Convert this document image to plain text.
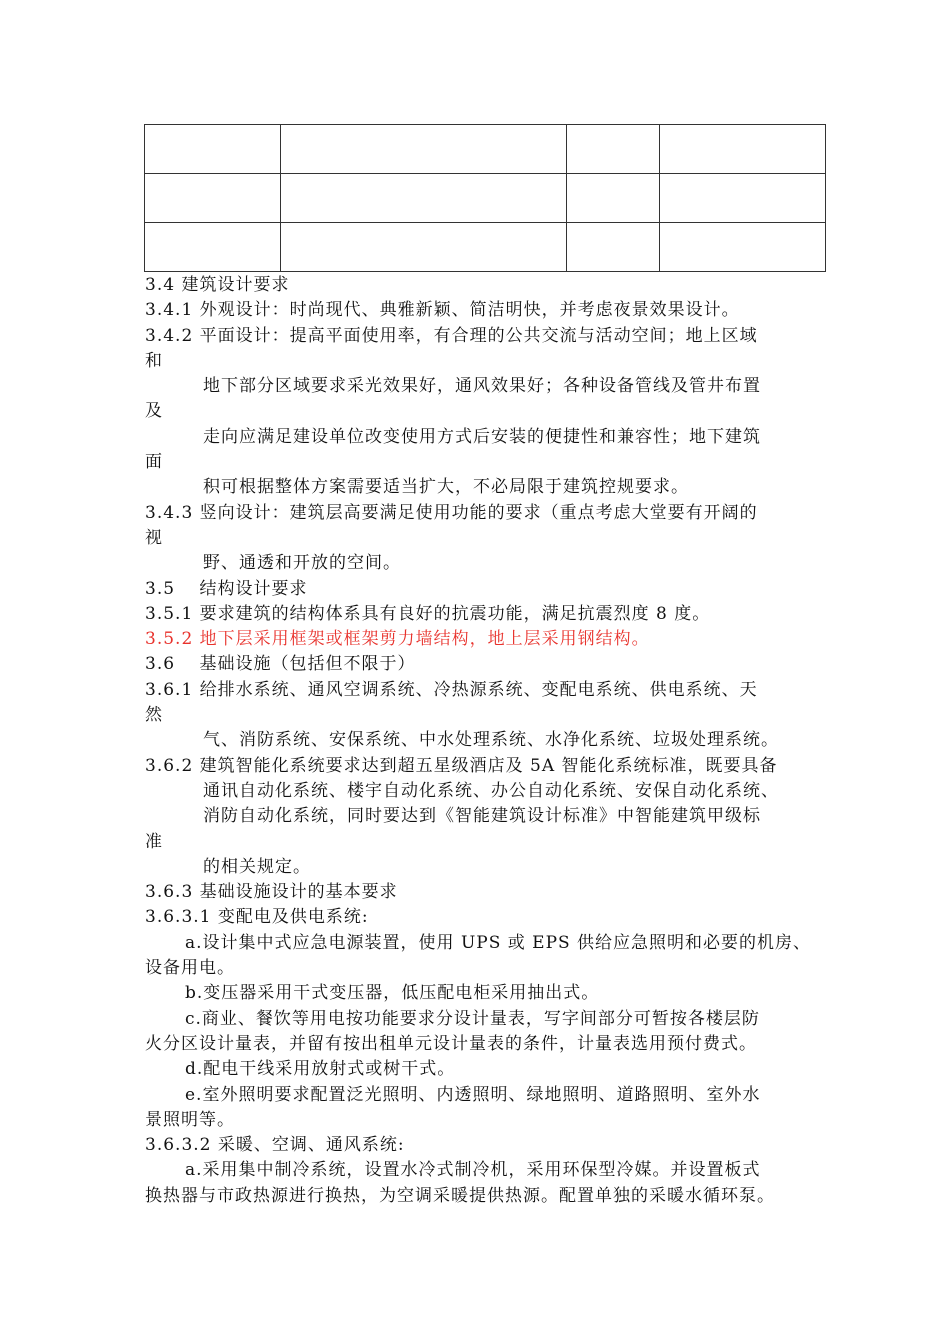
3.4 建筑设计要求
3.4.1 外观设计：时尚现代、典雅新颖、简洁明快，并考虑夜景效果设计。
3.4.2 平面设计：提高平面使用率，有合理的公共交流与活动空间；地上区域
和
地下部分区域要求采光效果好，通风效果好；各种设备管线及管井布置
及
走向应满足建设单位改变使用方式后安装的便捷性和兼容性；地下建筑
面
积可根据整体方案需要适当扩大，不必局限于建筑控规要求。
3.4.3 竖向设计：建筑层高要满足使用功能的要求（重点考虑大堂要有开阔的
视
野、通透和开放的空间。
3.5　 结构设计要求
3.5.1 要求建筑的结构体系具有良好的抗震功能，满足抗震烈度 8 度。
3.5.2 地下层采用框架或框架剪力墙结构，地上层采用钢结构。
3.6　 基础设施（包括但不限于）
3.6.1 给排水系统、通风空调系统、冷热源系统、变配电系统、供电系统、天
然
气、消防系统、安保系统、中水处理系统、水净化系统、垃圾处理系统。
3.6.2 建筑智能化系统要求达到超五星级酒店及 5A 智能化系统标准，既要具备
通讯自动化系统、楼宇自动化系统、办公自动化系统、安保自动化系统、
消防自动化系统，同时要达到《智能建筑设计标准》中智能建筑甲级标
准
的相关规定。
3.6.3 基础设施设计的基本要求
3.6.3.1 变配电及供电系统:
a.设计集中式应急电源装置，使用 UPS 或 EPS 供给应急照明和必要的机房、
设备用电。
b.变压器采用干式变压器，低压配电柜采用抽出式。
c.商业、餐饮等用电按功能要求分设计量表，写字间部分可暂按各楼层防
火分区设计量表，并留有按出租单元设计量表的条件，计量表选用预付费式。
d.配电干线采用放射式或树干式。
e.室外照明要求配置泛光照明、内透照明、绿地照明、道路照明、室外水
景照明等。
3.6.3.2 采暖、空调、通风系统:
a.采用集中制冷系统，设置水冷式制冷机，采用环保型冷媒。并设置板式
换热器与市政热源进行换热，为空调采暖提供热源。配置单独的采暖水循环泵。
